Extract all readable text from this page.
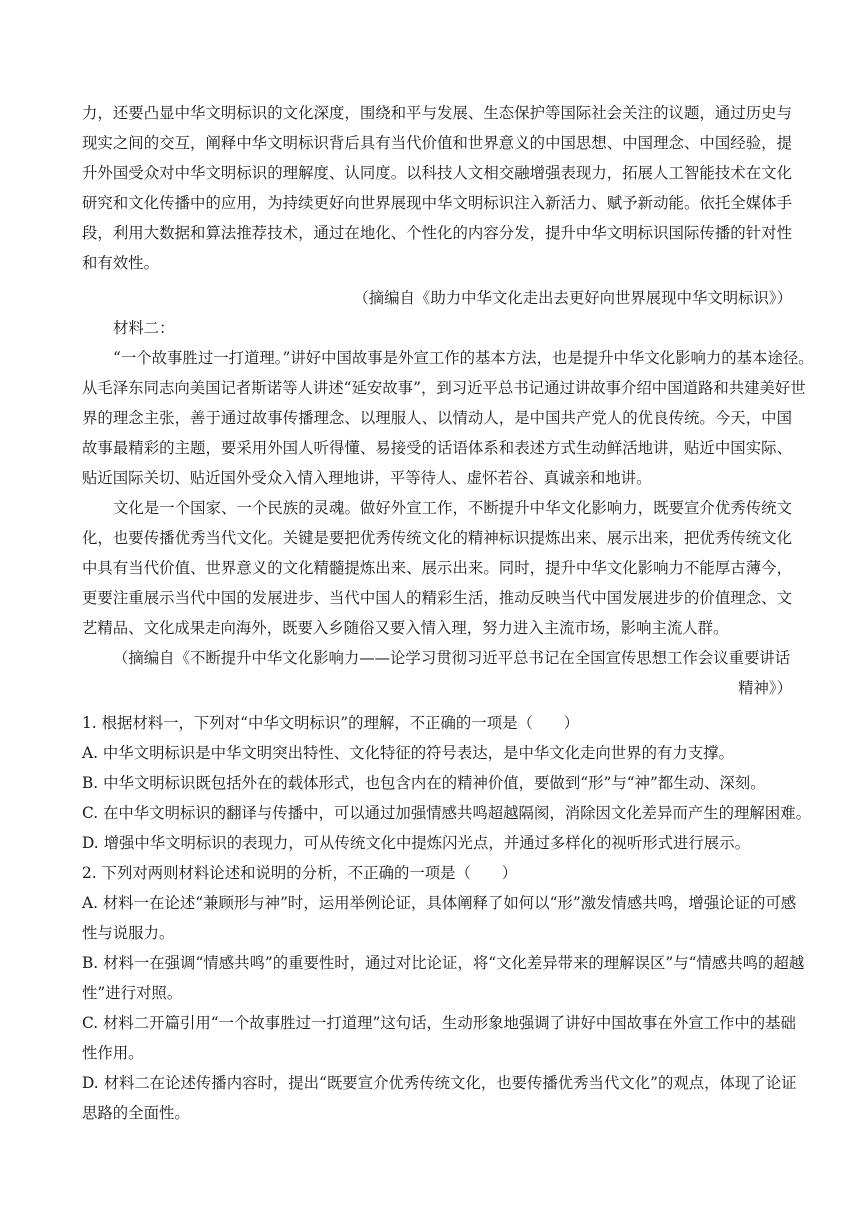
力，还要凸显中华文明标识的文化深度，围绕和平与发展、生态保护等国际社会关注的议题，通过历史与
现实之间的交互，阐释中华文明标识背后具有当代价值和世界意义的中国思想、中国理念、中国经验，提
升外国受众对中华文明标识的理解度、认同度。以科技人文相交融增强表现力，拓展人工智能技术在文化
研究和文化传播中的应用，为持续更好向世界展现中华文明标识注入新活力、赋予新动能。依托全媒体手
段，利用大数据和算法推荐技术，通过在地化、个性化的内容分发，提升中华文明标识国际传播的针对性
和有效性。
（摘编自《助力中华文化走出去更好向世界展现中华文明标识》）
材料二：
“一个故事胜过一打道理。”讲好中国故事是外宣工作的基本方法，也是提升中华文化影响力的基本途径。
从毛泽东同志向美国记者斯诺等人讲述“延安故事”，到习近平总书记通过讲故事介绍中国道路和共建美好世
界的理念主张，善于通过故事传播理念、以理服人、以情动人，是中国共产党人的优良传统。今天，中国
故事最精彩的主题，要采用外国人听得懂、易接受的话语体系和表述方式生动鲜活地讲，贴近中国实际、
贴近国际关切、贴近国外受众入情入理地讲，平等待人、虚怀若谷、真诚亲和地讲。
文化是一个国家、一个民族的灵魂。做好外宣工作，不断提升中华文化影响力，既要宣介优秀传统文
化，也要传播优秀当代文化。关键是要把优秀传统文化的精神标识提炼出来、展示出来，把优秀传统文化
中具有当代价值、世界意义的文化精髓提炼出来、展示出来。同时，提升中华文化影响力不能厚古薄今，
更要注重展示当代中国的发展进步、当代中国人的精彩生活，推动反映当代中国发展进步的价值理念、文
艺精品、文化成果走向海外，既要入乡随俗又要入情入理，努力进入主流市场，影响主流人群。
（摘编自《不断提升中华文化影响力——论学习贯彻习近平总书记在全国宣传思想工作会议重要讲话
精神》）
1. 根据材料一，下列对“中华文明标识”的理解，不正确的一项是（　　）
A. 中华文明标识是中华文明突出特性、文化特征的符号表达，是中华文化走向世界的有力支撑。
B. 中华文明标识既包括外在的载体形式，也包含内在的精神价值，要做到“形”与“神”都生动、深刻。
C. 在中华文明标识的翻译与传播中，可以通过加强情感共鸣超越隔阂，消除因文化差异而产生的理解困难。
D. 增强中华文明标识的表现力，可从传统文化中提炼闪光点，并通过多样化的视听形式进行展示。
2. 下列对两则材料论述和说明的分析，不正确的一项是（　　）
A. 材料一在论述“兼顾形与神”时，运用举例论证，具体阐释了如何以“形”激发情感共鸣，增强论证的可感
性与说服力。
B. 材料一在强调“情感共鸣”的重要性时，通过对比论证，将“文化差异带来的理解误区”与“情感共鸣的超越
性”进行对照。
C. 材料二开篇引用“一个故事胜过一打道理”这句话，生动形象地强调了讲好中国故事在外宣工作中的基础
性作用。
D. 材料二在论述传播内容时，提出“既要宣介优秀传统文化，也要传播优秀当代文化”的观点，体现了论证
思路的全面性。
